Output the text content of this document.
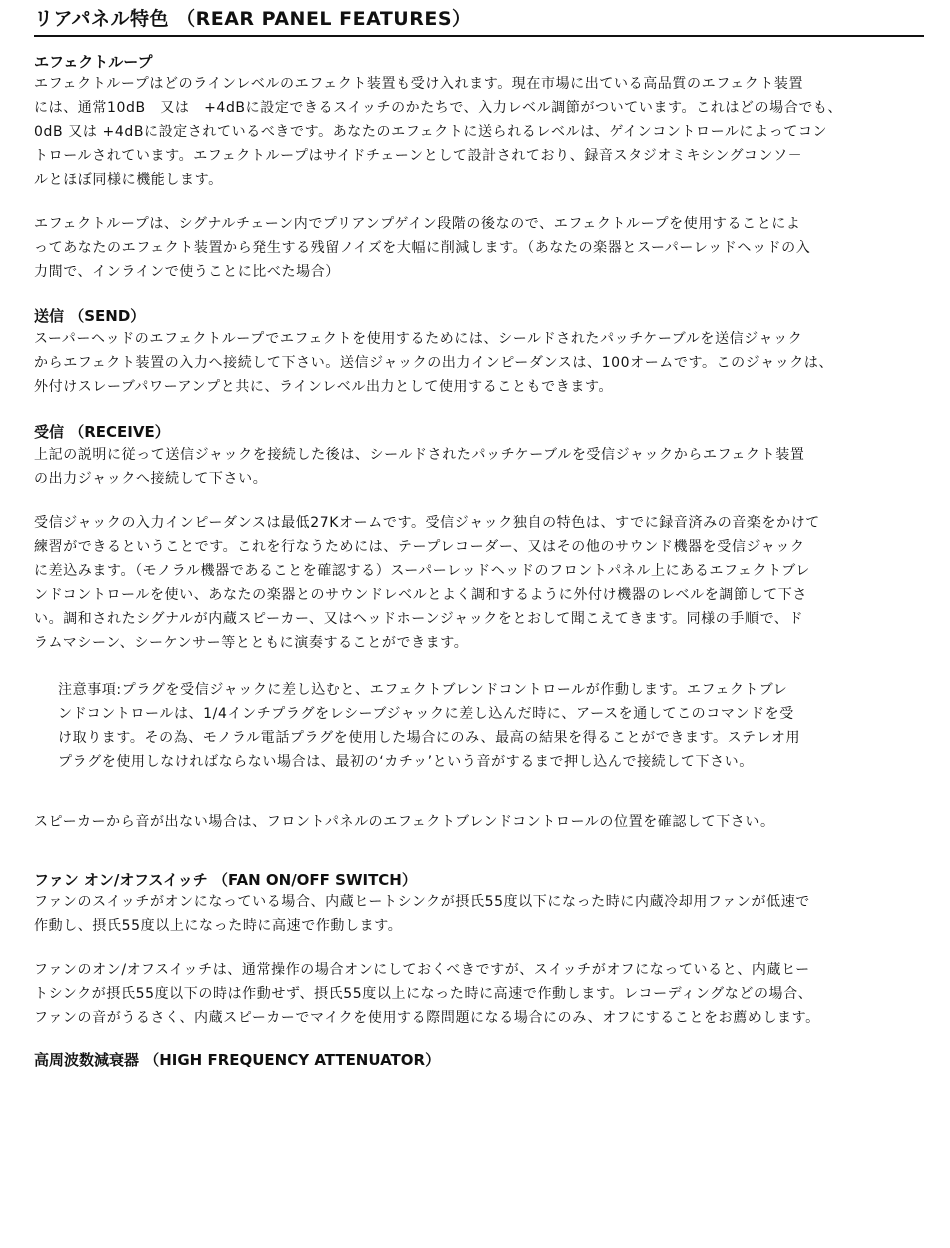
リアパネル特色 （REAR PANEL FEATURES）
エフェクトループ
エフェクトループはどのラインレベルのエフェクト装置も受け入れます。現在市場に出ている高品質のエフェクト装置
には、通常10dB　又は　+4dBに設定できるスイッチのかたちで、入力レベル調節がついています。これはどの場合でも、
0dB 又は +4dBに設定されているべきです。あなたのエフェクトに送られるレベルは、ゲインコントロールによってコン
トロールされています。エフェクトループはサイドチェーンとして設計されており、録音スタジオミキシングコンソ－
ルとほぼ同様に機能します。
エフェクトループは、シグナルチェーン内でプリアンプゲイン段階の後なので、エフェクトループを使用することによ
ってあなたのエフェクト装置から発生する残留ノイズを大幅に削減します。（あなたの楽器とスーパーレッドヘッドの入
力間で、インラインで使うことに比べた場合）
送信 （SEND）
スーパーヘッドのエフェクトループでエフェクトを使用するためには、シールドされたパッチケーブルを送信ジャック
からエフェクト装置の入力へ接続して下さい。送信ジャックの出力インピーダンスは、100オームです。このジャックは、
外付けスレーブパワーアンプと共に、ラインレベル出力として使用することもできます。
受信 （RECEIVE）
上記の説明に従って送信ジャックを接続した後は、シールドされたパッチケーブルを受信ジャックからエフェクト装置
の出力ジャックへ接続して下さい。
受信ジャックの入力インピーダンスは最低27Kオームです。受信ジャック独自の特色は、すでに録音済みの音楽をかけて
練習ができるということです。これを行なうためには、テープレコーダー、又はその他のサウンド機器を受信ジャック
に差込みます。（モノラル機器であることを確認する）スーパーレッドヘッドのフロントパネル上にあるエフェクトブレ
ンドコントロールを使い、あなたの楽器とのサウンドレベルとよく調和するように外付け機器のレベルを調節して下さ
い。調和されたシグナルが内蔵スピーカー、又はヘッドホーンジャックをとおして聞こえてきます。同様の手順で、ド
ラムマシーン、シーケンサー等とともに演奏することができます。
注意事項:プラグを受信ジャックに差し込むと、エフェクトブレンドコントロールが作動します。エフェクトブレ
ンドコントロールは、1/4インチプラグをレシーブジャックに差し込んだ時に、アースを通してこのコマンドを受
け取ります。その為、モノラル電話プラグを使用した場合にのみ、最高の結果を得ることができます。ステレオ用
プラグを使用しなければならない場合は、最初の‘カチッ’という音がするまで押し込んで接続して下さい。
スピーカーから音が出ない場合は、フロントパネルのエフェクトブレンドコントロールの位置を確認して下さい。
ファン オン/オフスイッチ （FAN ON/OFF SWITCH）
ファンのスイッチがオンになっている場合、内蔵ヒートシンクが摂氏55度以下になった時に内蔵冷却用ファンが低速で
作動し、摂氏55度以上になった時に高速で作動します。
ファンのオン/オフスイッチは、通常操作の場合オンにしておくべきですが、スイッチがオフになっていると、内蔵ヒー
トシンクが摂氏55度以下の時は作動せず、摂氏55度以上になった時に高速で作動します。レコーディングなどの場合、
ファンの音がうるさく、内蔵スピーカーでマイクを使用する際問題になる場合にのみ、オフにすることをお薦めします。
高周波数減衰器 （HIGH FREQUENCY ATTENUATOR）
